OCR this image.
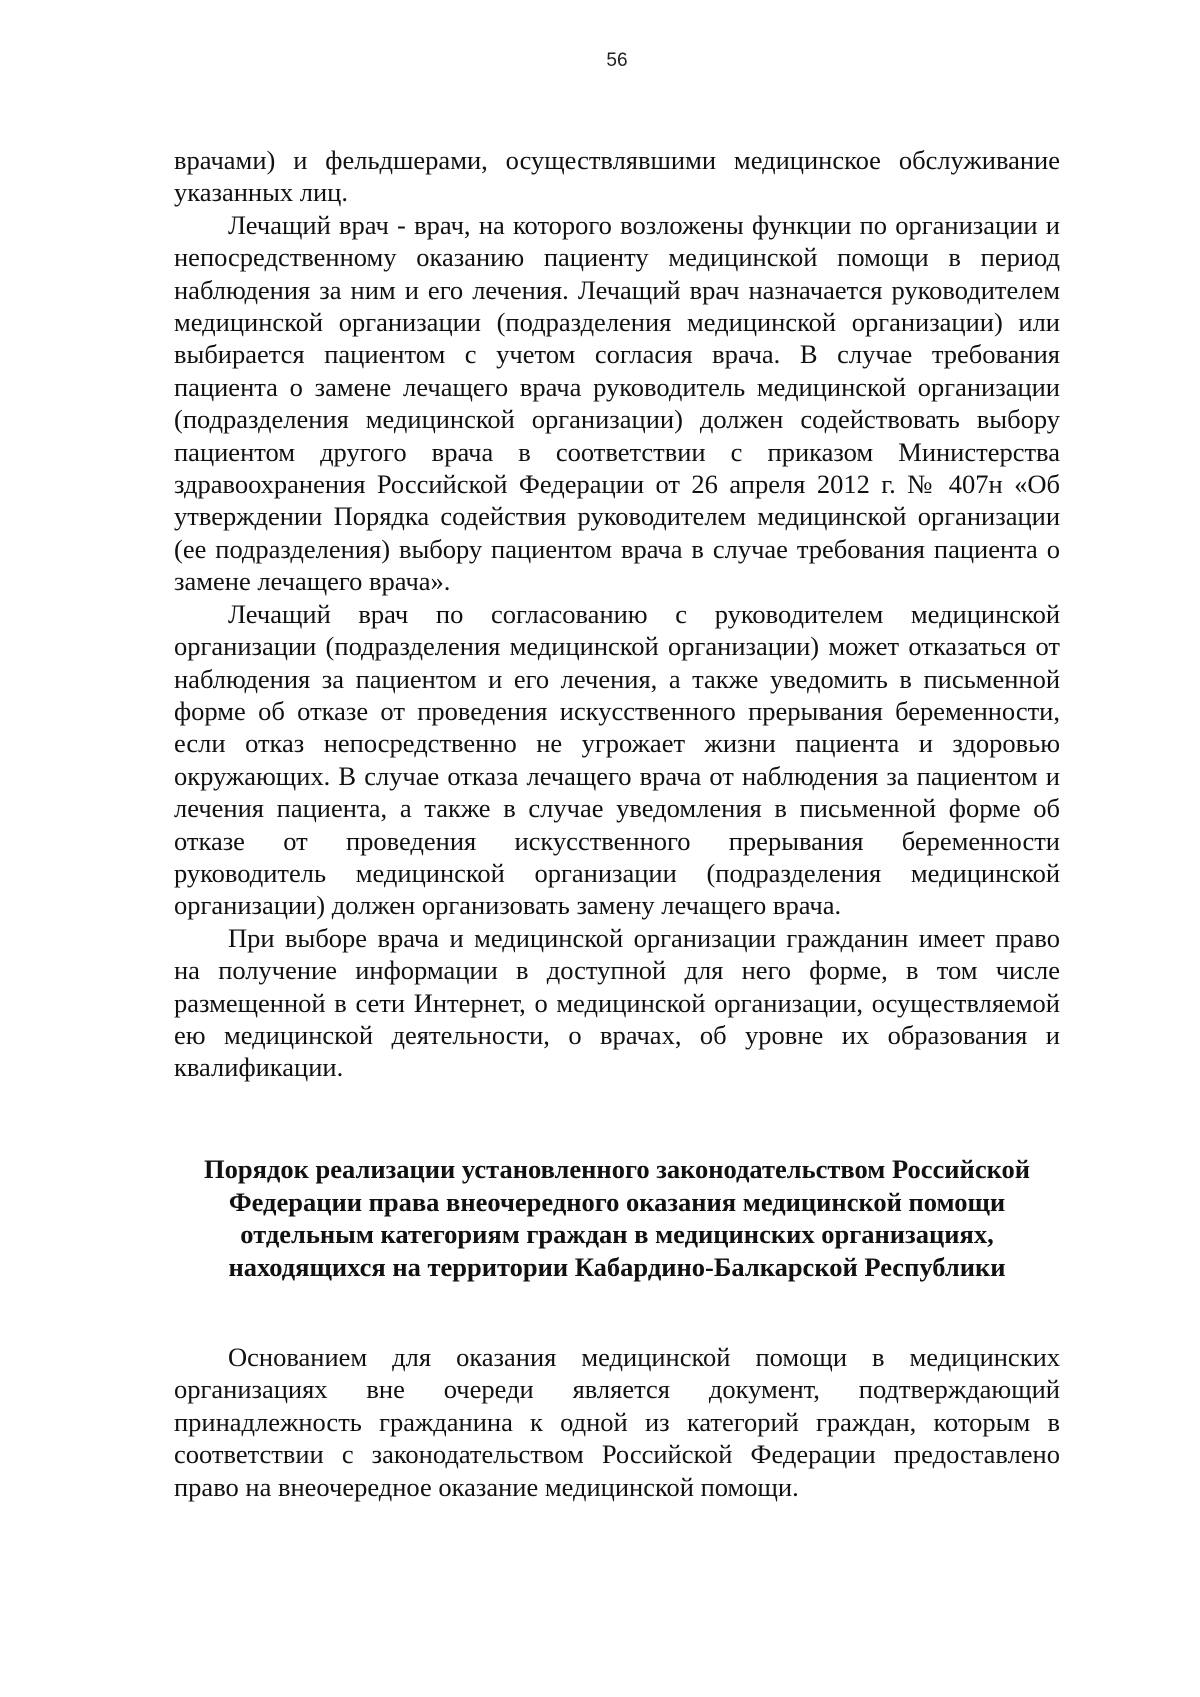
56

врачами) и фельдшерами, осуществлявшими медицинское обслуживание указанных лиц.

Лечащий врач - врач, на которого возложены функции по организации и непосредственному оказанию пациенту медицинской помощи в период наблюдения за ним и его лечения. Лечащий врач назначается руководителем медицинской организации (подразделения медицинской организации) или выбирается пациентом с учетом согласия врача. В случае требования пациента о замене лечащего врача руководитель медицинской организации (подразделения медицинской организации) должен содействовать выбору пациентом другого врача в соответствии с приказом Министерства здравоохранения Российской Федерации от 26 апреля 2012 г. № 407н «Об утверждении Порядка содействия руководителем медицинской организации (ее подразделения) выбору пациентом врача в случае требования пациента о замене лечащего врача».

Лечащий врач по согласованию с руководителем медицинской организации (подразделения медицинской организации) может отказаться от наблюдения за пациентом и его лечения, а также уведомить в письменной форме об отказе от проведения искусственного прерывания беременности, если отказ непосредственно не угрожает жизни пациента и здоровью окружающих. В случае отказа лечащего врача от наблюдения за пациентом и лечения пациента, а также в случае уведомления в письменной форме об отказе от проведения искусственного прерывания беременности руководитель медицинской организации (подразделения медицинской организации) должен организовать замену лечащего врача.

При выборе врача и медицинской организации гражданин имеет право на получение информации в доступной для него форме, в том числе размещенной в сети Интернет, о медицинской организации, осуществляемой ею медицинской деятельности, о врачах, об уровне их образования и квалификации.

Порядок реализации установленного законодательством Российской Федерации права внеочередного оказания медицинской помощи отдельным категориям граждан в медицинских организациях, находящихся на территории Кабардино-Балкарской Республики

Основанием для оказания медицинской помощи в медицинских организациях вне очереди является документ, подтверждающий принадлежность гражданина к одной из категорий граждан, которым в соответствии с законодательством Российской Федерации предоставлено право на внеочередное оказание медицинской помощи.
